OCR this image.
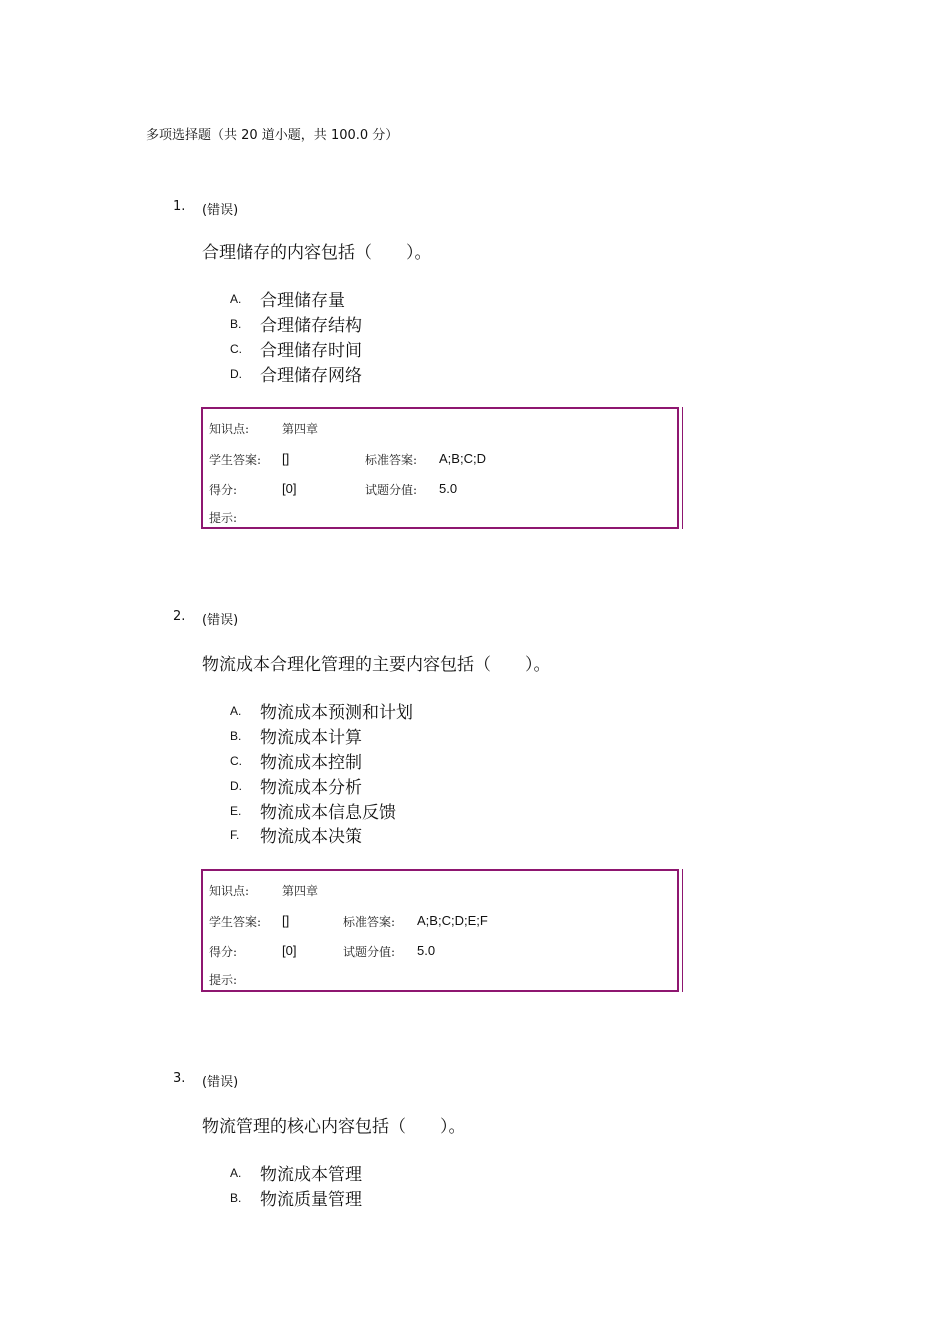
多项选择题（共 20 道小题，共 100.0 分）
1. (错误)
合理储存的内容包括（　　）。
A. 合理储存量
B. 合理储存结构
C. 合理储存时间
D. 合理储存网络
知识点:	第四章
学生答案: []	标准答案: A;B;C;D
得分:	[0]	试题分值: 5.0
提示:
2. (错误)
物流成本合理化管理的主要内容包括（　　）。
A. 物流成本预测和计划
B. 物流成本计算
C. 物流成本控制
D. 物流成本分析
E. 物流成本信息反馈
F. 物流成本决策
知识点:	第四章
学生答案: []	标准答案: A;B;C;D;E;F
得分:	[0]	试题分值: 5.0
提示:
3. (错误)
物流管理的核心内容包括（　　）。
A. 物流成本管理
B. 物流质量管理
